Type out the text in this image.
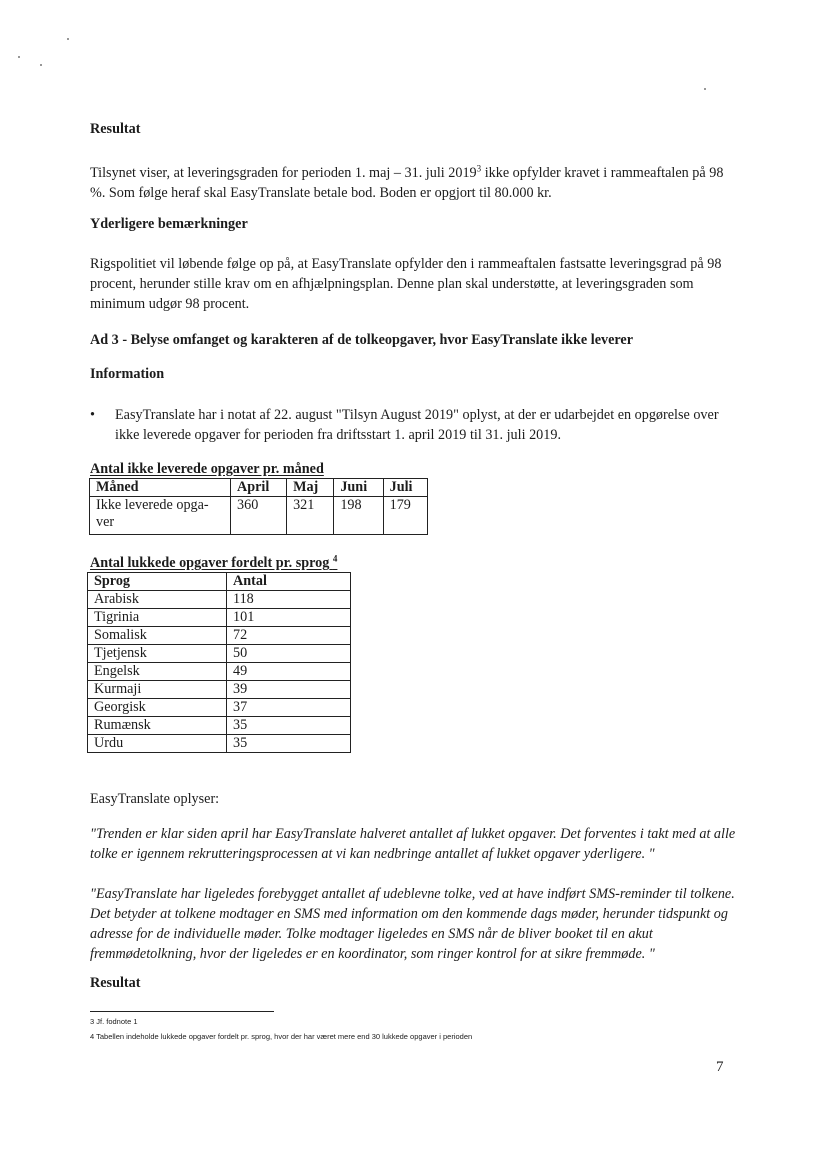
Resultat
Tilsynet viser, at leveringsgraden for perioden 1. maj – 31. juli 2019$^3$ ikke opfylder kravet i rammeaftalen på 98 %. Som følge heraf skal EasyTranslate betale bod. Boden er opgjort til 80.000 kr.
Yderligere bemærkninger
Rigspolitiet vil løbende følge op på, at EasyTranslate opfylder den i rammeaftalen fastsatte leveringsgrad på 98 procent, herunder stille krav om en afhjælpningsplan. Denne plan skal understøtte, at leveringsgraden som minimum udgør 98 procent.
Ad 3 - Belyse omfanget og karakteren af de tolkeopgaver, hvor EasyTranslate ikke leverer
Information
• EasyTranslate har i notat af 22. august "Tilsyn August 2019" oplyst, at der er udarbejdet en opgørelse over ikke leverede opgaver for perioden fra driftsstart 1. april 2019 til 31. juli 2019.
Antal ikke leverede opgaver pr. måned
Måned	April	Maj	Juni	Juli
Ikke leverede opga-ver	360	321	198	179
Antal lukkede opgaver fordelt pr. sprog $^4$
Sprog	Antal
Arabisk	118
Tigrinia	101
Somalisk	72
Tjetjensk	50
Engelsk	49
Kurmaji	39
Georgisk	37
Rumænsk	35
Urdu	35
EasyTranslate oplyser:
"Trenden er klar siden april har EasyTranslate halveret antallet af lukket opgaver. Det forventes i takt med at alle tolke er igennem rekrutteringsprocessen at vi kan nedbringe antallet af lukket opgaver yderligere. "
"EasyTranslate har ligeledes forebygget antallet af udeblevne tolke, ved at have indført SMS-reminder til tolkene. Det betyder at tolkene modtager en SMS med information om den kommende dags møder, herunder tidspunkt og adresse for de individuelle møder. Tolke modtager ligeledes en SMS når de bliver booket til en akut fremmødetolkning, hvor der ligeledes er en koordinator, som ringer kontrol for at sikre fremmøde. "
Resultat
3 Jf. fodnote 1
4 Tabellen indeholde lukkede opgaver fordelt pr. sprog, hvor der har været mere end 30 lukkede opgaver i perioden
7
